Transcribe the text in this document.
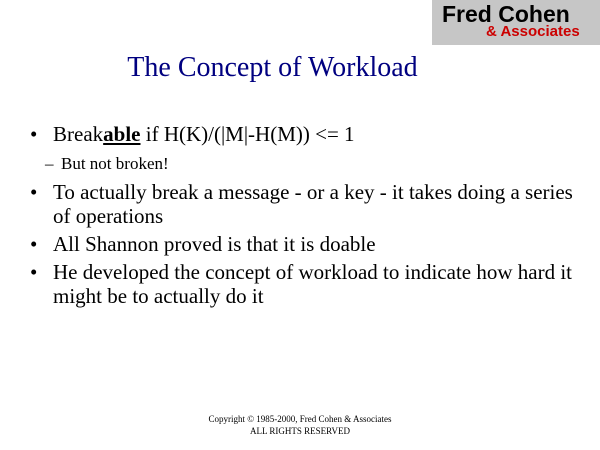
Fred Cohen
& Associates
The Concept of Workload
• Breakable if H(K)/(|M|-H(M)) <= 1
– But not broken!
• To actually break a message - or a key - it takes doing a series of operations
• All Shannon proved is that it is doable
• He developed the concept of workload to indicate how hard it might be to actually do it
Copyright © 1985-2000, Fred Cohen & Associates
ALL RIGHTS RESERVED
